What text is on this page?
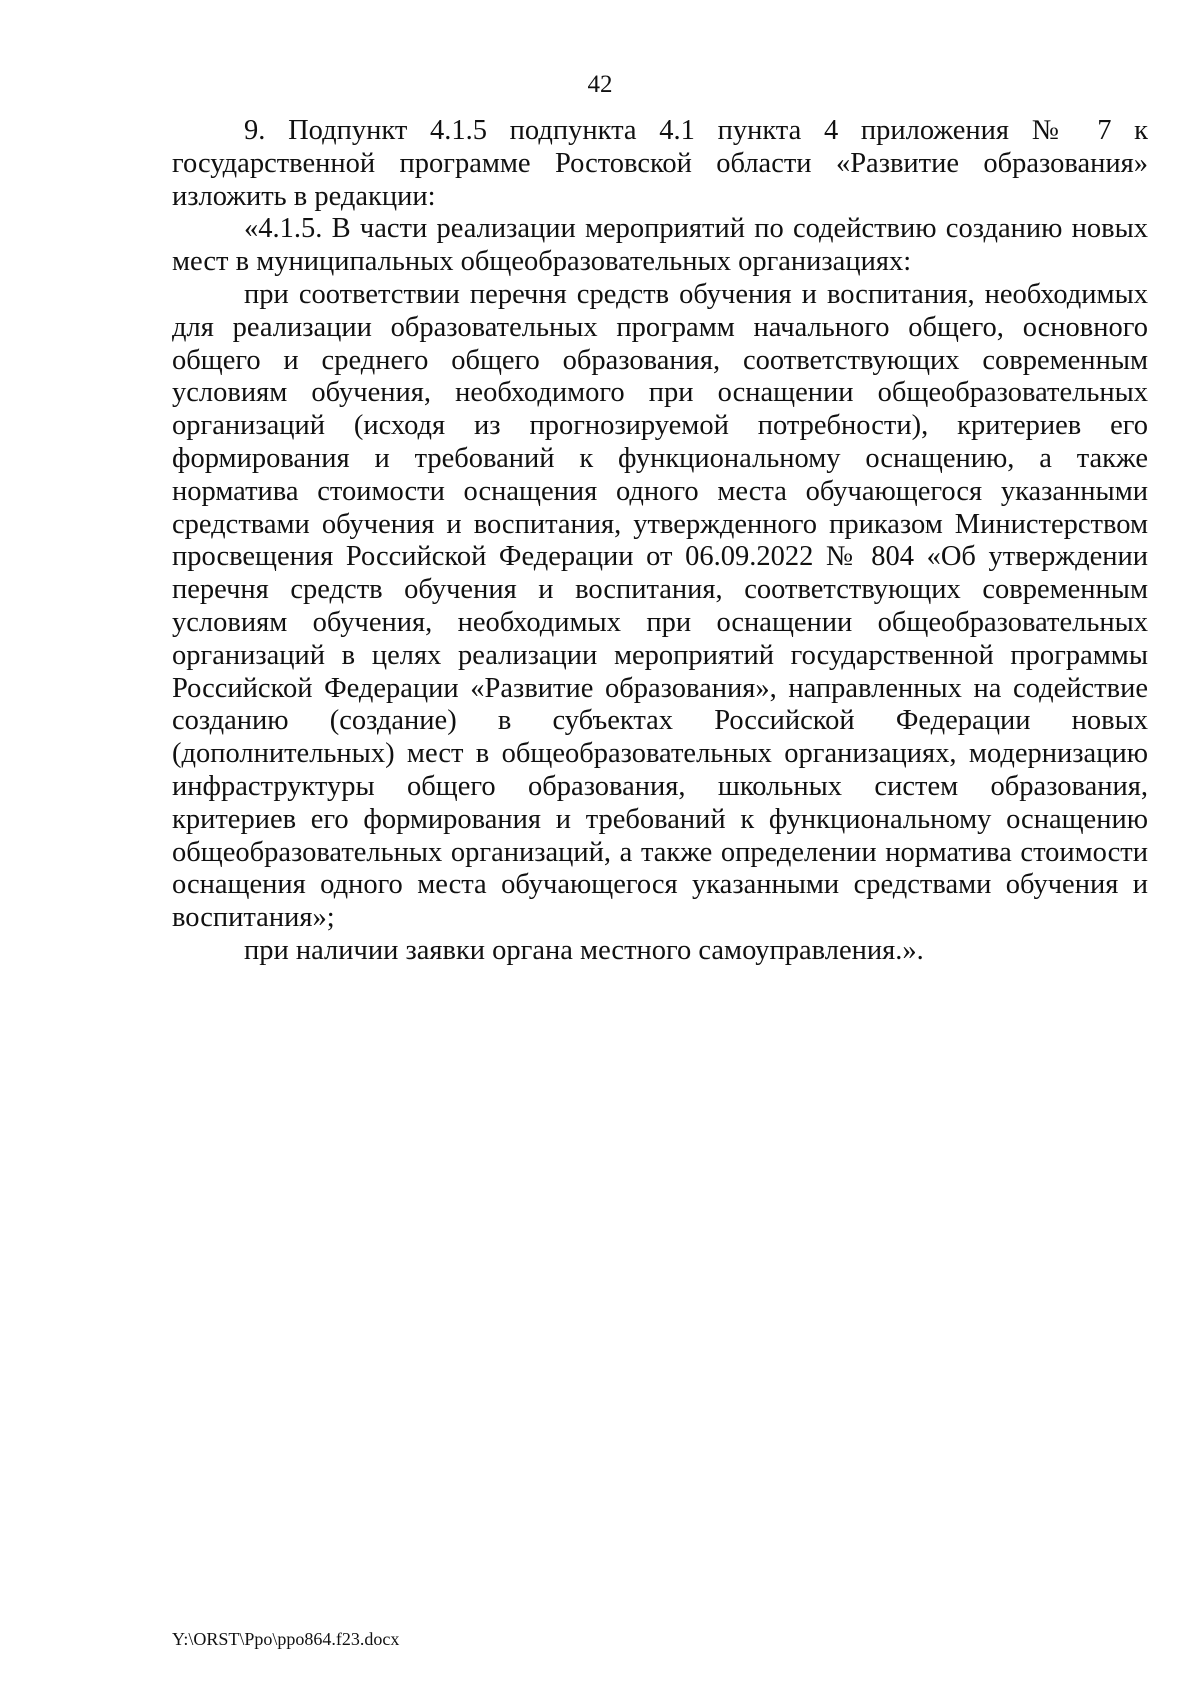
42

9. Подпункт 4.1.5 подпункта 4.1 пункта 4 приложения № 7 к государственной программе Ростовской области «Развитие образования» изложить в редакции:

«4.1.5. В части реализации мероприятий по содействию созданию новых мест в муниципальных общеобразовательных организациях:

при соответствии перечня средств обучения и воспитания, необходимых для реализации образовательных программ начального общего, основного общего и среднего общего образования, соответствующих современным условиям обучения, необходимого при оснащении общеобразовательных организаций (исходя из прогнозируемой потребности), критериев его формирования и требований к функциональному оснащению, а также норматива стоимости оснащения одного места обучающегося указанными средствами обучения и воспитания, утвержденного приказом Министерством просвещения Российской Федерации от 06.09.2022 № 804 «Об утверждении перечня средств обучения и воспитания, соответствующих современным условиям обучения, необходимых при оснащении общеобразовательных организаций в целях реализации мероприятий государственной программы Российской Федерации «Развитие образования», направленных на содействие созданию (создание) в субъектах Российской Федерации новых (дополнительных) мест в общеобразовательных организациях, модернизацию инфраструктуры общего образования, школьных систем образования, критериев его формирования и требований к функциональному оснащению общеобразовательных организаций, а также определении норматива стоимости оснащения одного места обучающегося указанными средствами обучения и воспитания»;

при наличии заявки органа местного самоуправления.».

Y:\ORST\Ppo\ppo864.f23.docx
